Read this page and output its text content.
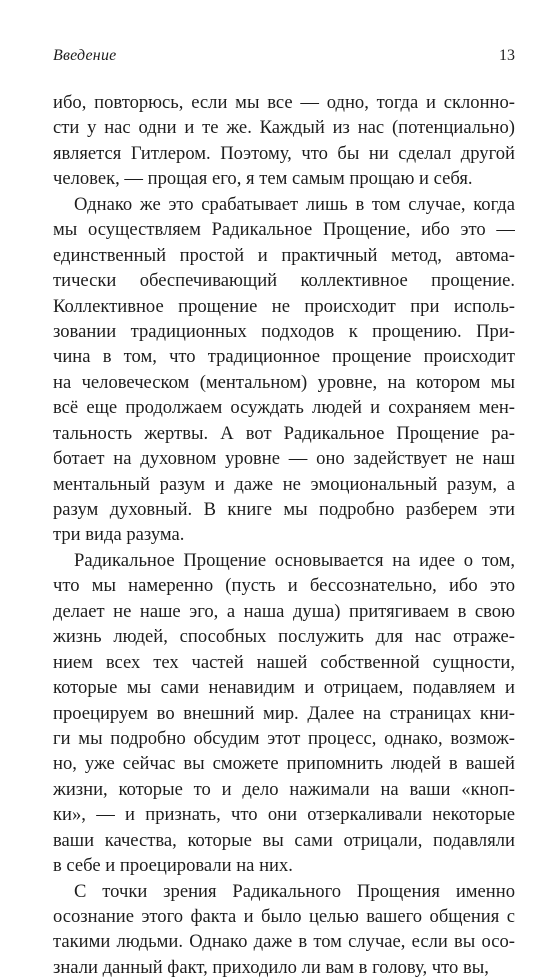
Введение	13
ибо, повторюсь, если мы все — одно, тогда и склонно-
сти у нас одни и те же. Каждый из нас (потенциально)
является Гитлером. Поэтому, что бы ни сделал другой
человек, — прощая его, я тем самым прощаю и себя.
Однако же это срабатывает лишь в том случае, когда
мы осуществляем Радикальное Прощение, ибо это —
единственный простой и практичный метод, автома-
тически обеспечивающий коллективное прощение.
Коллективное прощение не происходит при исполь-
зовании традиционных подходов к прощению. При-
чина в том, что традиционное прощение происходит
на человеческом (ментальном) уровне, на котором мы
всё еще продолжаем осуждать людей и сохраняем мен-
тальность жертвы. А вот Радикальное Прощение ра-
ботает на духовном уровне — оно задействует не наш
ментальный разум и даже не эмоциональный разум, а
разум духовный. В книге мы подробно разберем эти
три вида разума.
Радикальное Прощение основывается на идее о том,
что мы намеренно (пусть и бессознательно, ибо это
делает не наше эго, а наша душа) притягиваем в свою
жизнь людей, способных послужить для нас отраже-
нием всех тех частей нашей собственной сущности,
которые мы сами ненавидим и отрицаем, подавляем и
проецируем во внешний мир. Далее на страницах кни-
ги мы подробно обсудим этот процесс, однако, возмож-
но, уже сейчас вы сможете припомнить людей в вашей
жизни, которые то и дело нажимали на ваши «кноп-
ки», — и признать, что они отзеркаливали некоторые
ваши качества, которые вы сами отрицали, подавляли
в себе и проецировали на них.
С точки зрения Радикального Прощения именно
осознание этого факта и было целью вашего общения с
такими людьми. Однако даже в том случае, если вы осо-
знали данный факт, приходило ли вам в голову, что вы,
